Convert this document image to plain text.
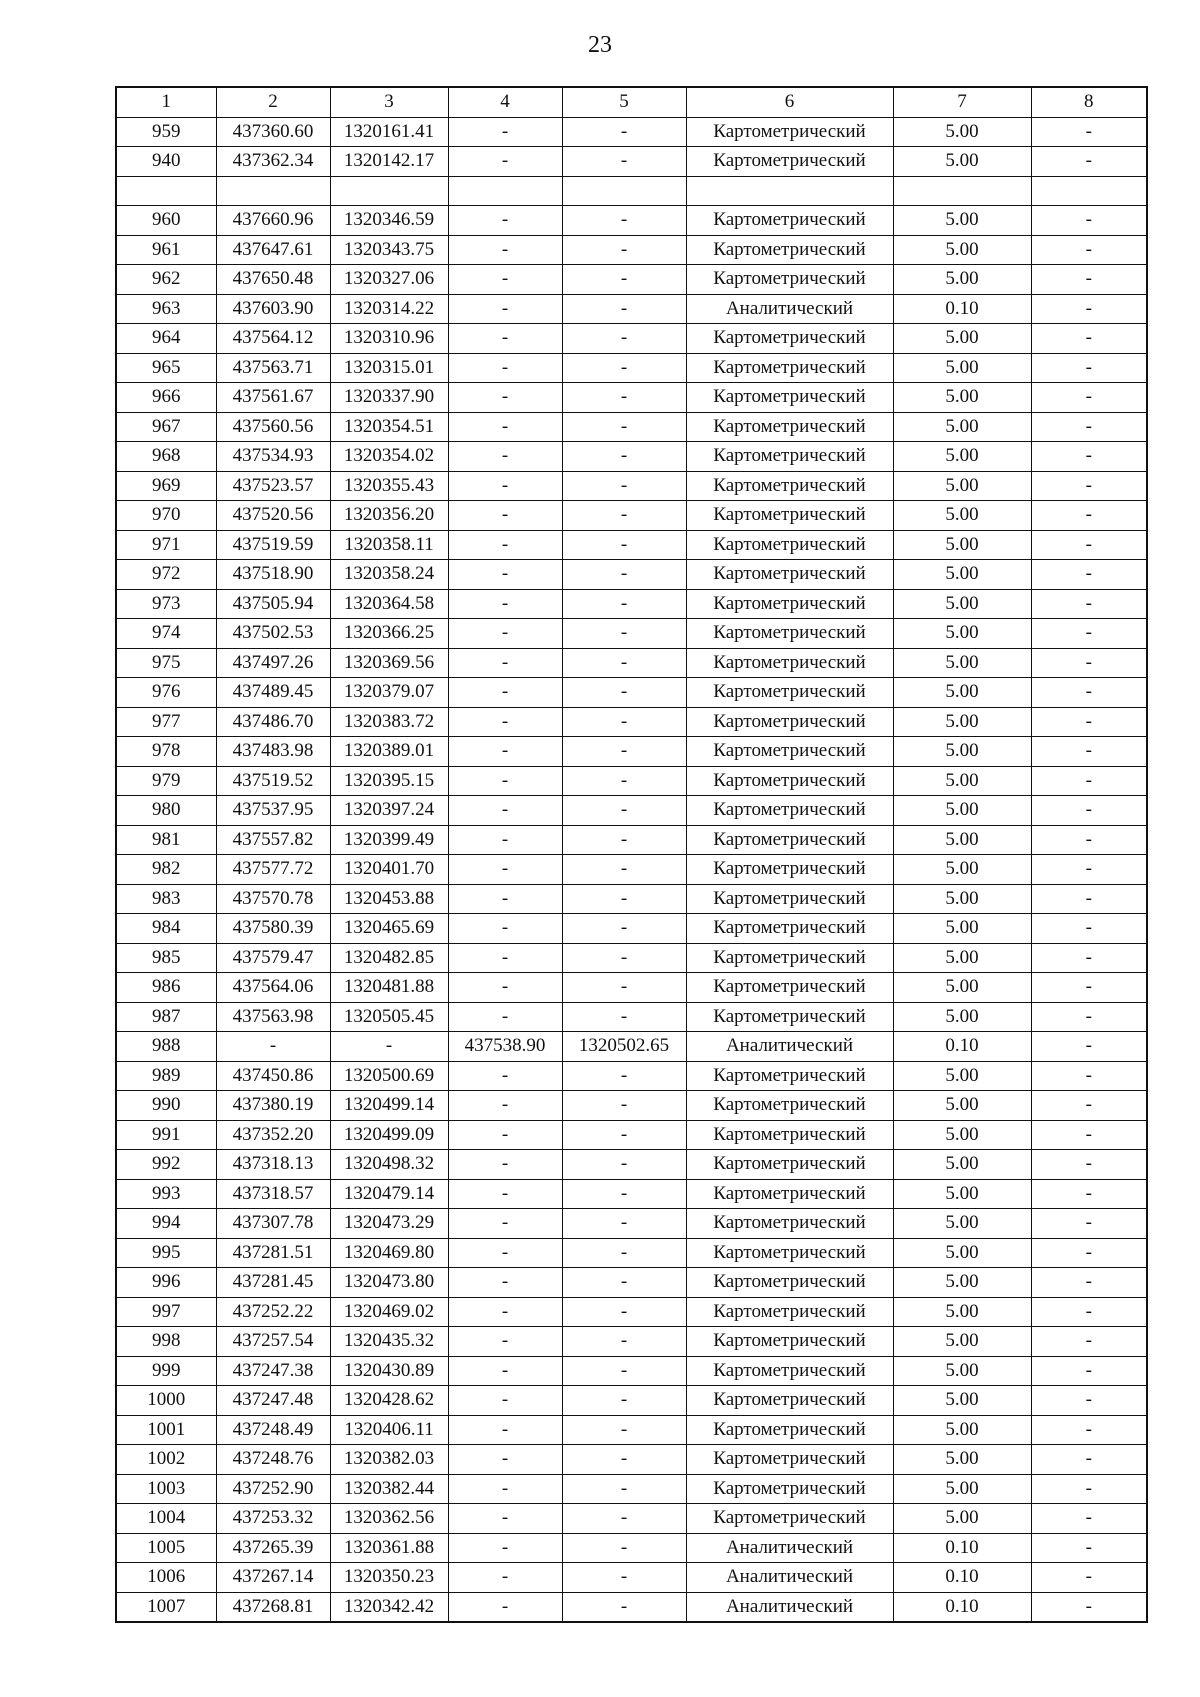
23
1	2	3	4	5	6	7	8
959	437360.60	1320161.41	-	-	Картометрический	5.00	-
940	437362.34	1320142.17	-	-	Картометрический	5.00	-

960	437660.96	1320346.59	-	-	Картометрический	5.00	-
961	437647.61	1320343.75	-	-	Картометрический	5.00	-
962	437650.48	1320327.06	-	-	Картометрический	5.00	-
963	437603.90	1320314.22	-	-	Аналитический	0.10	-
964	437564.12	1320310.96	-	-	Картометрический	5.00	-
965	437563.71	1320315.01	-	-	Картометрический	5.00	-
966	437561.67	1320337.90	-	-	Картометрический	5.00	-
967	437560.56	1320354.51	-	-	Картометрический	5.00	-
968	437534.93	1320354.02	-	-	Картометрический	5.00	-
969	437523.57	1320355.43	-	-	Картометрический	5.00	-
970	437520.56	1320356.20	-	-	Картометрический	5.00	-
971	437519.59	1320358.11	-	-	Картометрический	5.00	-
972	437518.90	1320358.24	-	-	Картометрический	5.00	-
973	437505.94	1320364.58	-	-	Картометрический	5.00	-
974	437502.53	1320366.25	-	-	Картометрический	5.00	-
975	437497.26	1320369.56	-	-	Картометрический	5.00	-
976	437489.45	1320379.07	-	-	Картометрический	5.00	-
977	437486.70	1320383.72	-	-	Картометрический	5.00	-
978	437483.98	1320389.01	-	-	Картометрический	5.00	-
979	437519.52	1320395.15	-	-	Картометрический	5.00	-
980	437537.95	1320397.24	-	-	Картометрический	5.00	-
981	437557.82	1320399.49	-	-	Картометрический	5.00	-
982	437577.72	1320401.70	-	-	Картометрический	5.00	-
983	437570.78	1320453.88	-	-	Картометрический	5.00	-
984	437580.39	1320465.69	-	-	Картометрический	5.00	-
985	437579.47	1320482.85	-	-	Картометрический	5.00	-
986	437564.06	1320481.88	-	-	Картометрический	5.00	-
987	437563.98	1320505.45	-	-	Картометрический	5.00	-
988	-	-	437538.90	1320502.65	Аналитический	0.10	-
989	437450.86	1320500.69	-	-	Картометрический	5.00	-
990	437380.19	1320499.14	-	-	Картометрический	5.00	-
991	437352.20	1320499.09	-	-	Картометрический	5.00	-
992	437318.13	1320498.32	-	-	Картометрический	5.00	-
993	437318.57	1320479.14	-	-	Картометрический	5.00	-
994	437307.78	1320473.29	-	-	Картометрический	5.00	-
995	437281.51	1320469.80	-	-	Картометрический	5.00	-
996	437281.45	1320473.80	-	-	Картометрический	5.00	-
997	437252.22	1320469.02	-	-	Картометрический	5.00	-
998	437257.54	1320435.32	-	-	Картометрический	5.00	-
999	437247.38	1320430.89	-	-	Картометрический	5.00	-
1000	437247.48	1320428.62	-	-	Картометрический	5.00	-
1001	437248.49	1320406.11	-	-	Картометрический	5.00	-
1002	437248.76	1320382.03	-	-	Картометрический	5.00	-
1003	437252.90	1320382.44	-	-	Картометрический	5.00	-
1004	437253.32	1320362.56	-	-	Картометрический	5.00	-
1005	437265.39	1320361.88	-	-	Аналитический	0.10	-
1006	437267.14	1320350.23	-	-	Аналитический	0.10	-
1007	437268.81	1320342.42	-	-	Аналитический	0.10	-
